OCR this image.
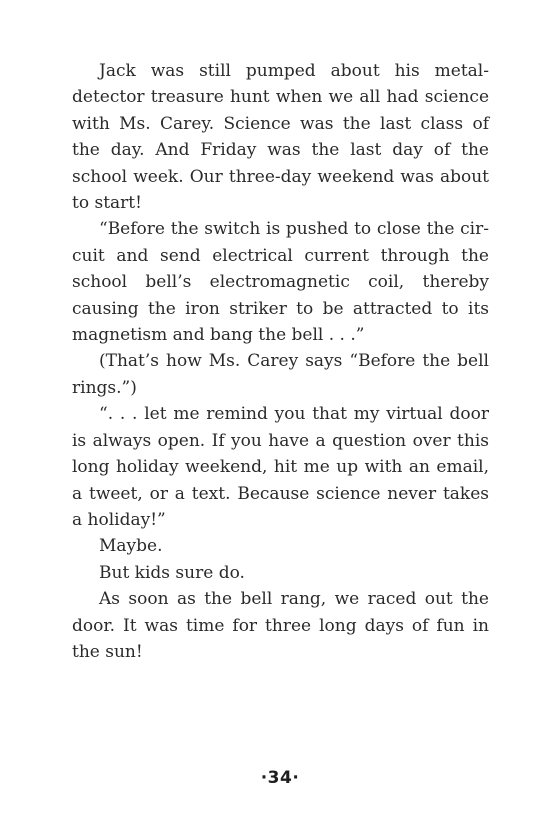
Jack was still pumped about his metal-detector treasure hunt when we all had science with Ms. Carey. Science was the last class of the day. And Friday was the last day of the school week. Our three-day weekend was about to start!

“Before the switch is pushed to close the circuit and send electrical current through the school bell’s electromagnetic coil, thereby causing the iron striker to be attracted to its magnetism and bang the bell . . .”

(That’s how Ms. Carey says “Before the bell rings.”)

“. . . let me remind you that my virtual door is always open. If you have a question over this long holiday weekend, hit me up with an email, a tweet, or a text. Because science never takes a holiday!”

Maybe.

But kids sure do.

As soon as the bell rang, we raced out the door. It was time for three long days of fun in the sun!

·34·
